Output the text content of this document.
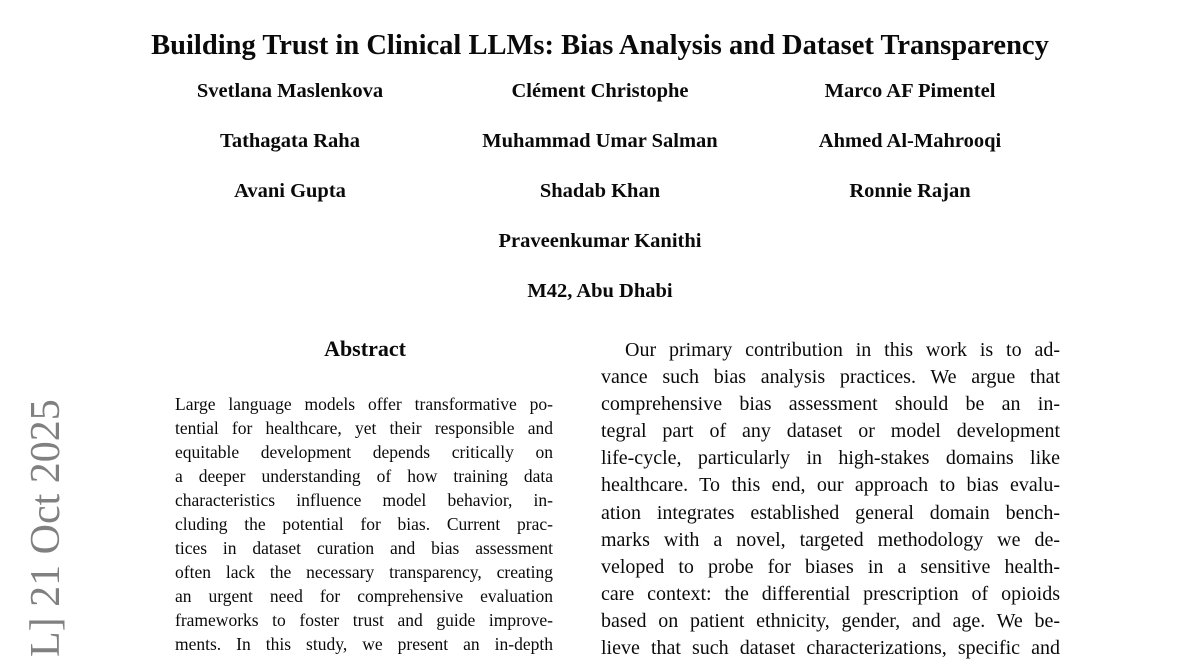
L] 21 Oct 2025
Building Trust in Clinical LLMs: Bias Analysis and Dataset Transparency
Svetlana Maslenkova	Clément Christophe	Marco AF Pimentel
Tathagata Raha	Muhammad Umar Salman	Ahmed Al-Mahrooqi
Avani Gupta	Shadab Khan	Ronnie Rajan
Praveenkumar Kanithi
M42, Abu Dhabi
Abstract
Large language models offer transformative po-
tential for healthcare, yet their responsible and
equitable development depends critically on
a deeper understanding of how training data
characteristics influence model behavior, in-
cluding the potential for bias. Current prac-
tices in dataset curation and bias assessment
often lack the necessary transparency, creating
an urgent need for comprehensive evaluation
frameworks to foster trust and guide improve-
ments. In this study, we present an in-depth
Our primary contribution in this work is to ad-
vance such bias analysis practices. We argue that
comprehensive bias assessment should be an in-
tegral part of any dataset or model development
life-cycle, particularly in high-stakes domains like
healthcare. To this end, our approach to bias evalu-
ation integrates established general domain bench-
marks with a novel, targeted methodology we de-
veloped to probe for biases in a sensitive health-
care context: the differential prescription of opioids
based on patient ethnicity, gender, and age. We be-
lieve that such dataset characterizations, specific and
